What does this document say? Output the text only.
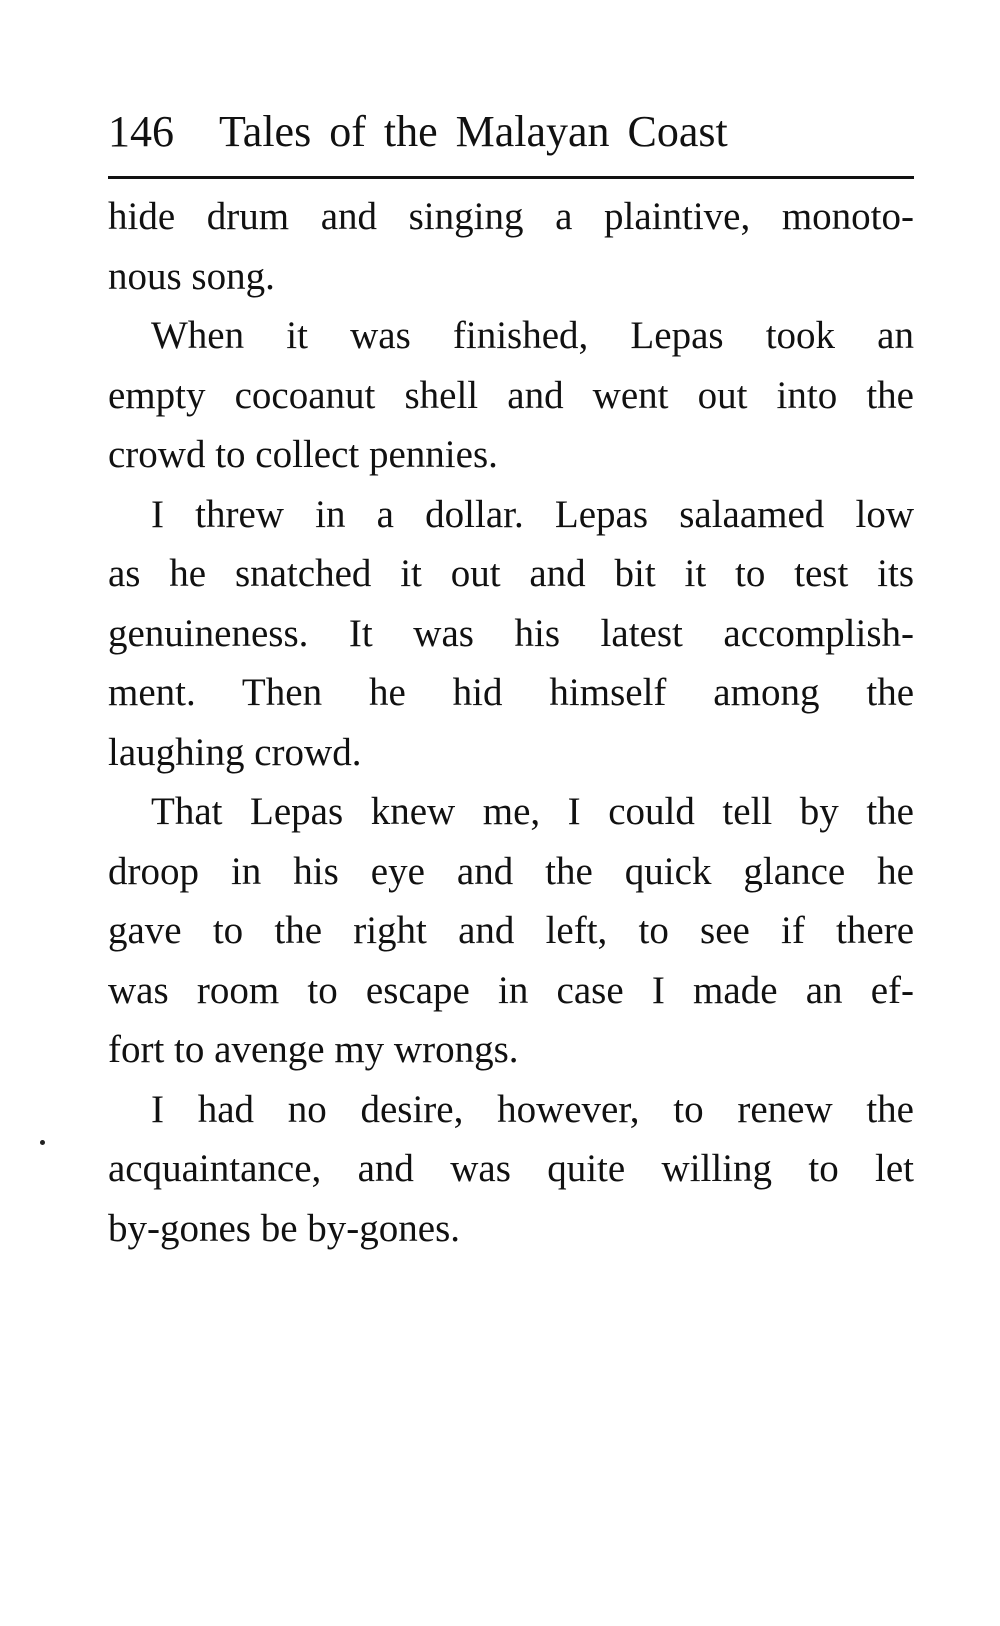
146 Tales of the Malayan Coast
hide drum and singing a plaintive, monoto-
nous song.
When it was finished, Lepas took an
empty cocoanut shell and went out into the
crowd to collect pennies.
I threw in a dollar. Lepas salaamed low
as he snatched it out and bit it to test its
genuineness. It was his latest accomplish-
ment. Then he hid himself among the
laughing crowd.
That Lepas knew me, I could tell by the
droop in his eye and the quick glance he
gave to the right and left, to see if there
was room to escape in case I made an ef-
fort to avenge my wrongs.
I had no desire, however, to renew the
acquaintance, and was quite willing to let
by-gones be by-gones.
